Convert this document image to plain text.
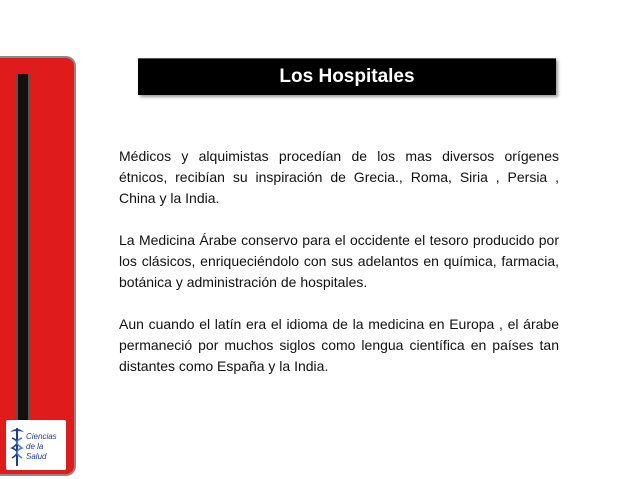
Ciencias
de la Salud
Los Hospitales

Médicos y alquimistas procedían de los mas diversos orígenes étnicos, recibían su inspiración de Grecia., Roma, Siria , Persia , China y la India.

La Medicina Árabe conservo para el occidente el tesoro producido por los clásicos, enriqueciéndolo con sus adelantos en química, farmacia, botánica y administración de hospitales.

Aun cuando el latín era el idioma de la medicina en Europa , el árabe permaneció por muchos siglos como lengua científica en países tan distantes como España y la India.
